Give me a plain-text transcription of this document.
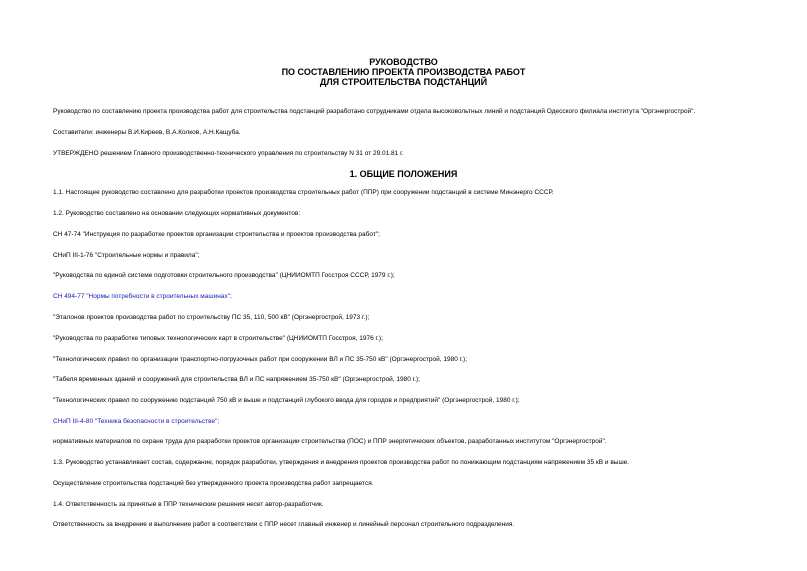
РУКОВОДСТВО

ПО СОСТАВЛЕНИЮ ПРОЕКТА ПРОИЗВОДСТВА РАБОТ

ДЛЯ СТРОИТЕЛЬСТВА ПОДСТАНЦИЙ

Руководство по составлению проекта производства работ для строительства подстанций разработано сотрудниками отдела высоковольтных линий и подстанций Одесского филиала института "Оргэнергострой".

Составители: инженеры В.И.Киреев, В.А.Колков, А.Н.Кащуба.

УТВЕРЖДЕНО решением Главного производственно-технического управления по строительству N 31 от 29.01.81 г.

1. ОБЩИЕ ПОЛОЖЕНИЯ

1.1. Настоящее руководство составлено для разработки проектов производства строительных работ (ППР) при сооружении подстанций в системе Минэнерго СССР.

1.2. Руководство составлено на основании следующих нормативных документов:

СН 47-74 "Инструкция по разработке проектов организации строительства и проектов производства работ";

СНиП III-1-76 "Строительные нормы и правила";

"Руководства по единой системе подготовки строительного производства" (ЦНИИОМТП Госстроя СССР, 1979 г.);

СН 494-77 "Нормы потребности в строительных машинах";

"Эталонов проектов производства работ по строительству ПС 35, 110, 500 кВ" (Оргэнергострой, 1973 г.);

"Руководства по разработке типовых технологических карт в строительстве" (ЦНИИОМТП Госстроя, 1976 г.);

"Технологических правил по организации транспортно-погрузочных работ при сооружении ВЛ и ПС 35-750 кВ" (Оргэнергострой, 1980 г.);

"Табеля временных зданий и сооружений для строительства ВЛ и ПС напряжением 35-750 кВ" (Оргэнергострой, 1980 г.);

"Технологических правил по сооружению подстанций 750 кВ и выше и подстанций глубокого ввода для городов и предприятий" (Оргэнергострой, 1980 г.);

СНиП III-4-80 "Техника безопасности в строительстве";

нормативных материалов по охране труда для разработки проектов организации строительства (ПОС) и ППР энергетических объектов, разработанных институтом "Оргэнергострой".

1.3. Руководство устанавливает состав, содержание, порядок разработки, утверждения и внедрения проектов производства работ по понижающим подстанциям напряжением 35 кВ и выше.

Осуществление строительства подстанций без утвержденного проекта производства работ запрещается.

1.4. Ответственность за принятые в ППР технические решения несет автор-разработчик.

Ответственность за внедрение и выполнение работ в соответствии с ППР несет главный инженер и линейный персонал строительного подразделения.
